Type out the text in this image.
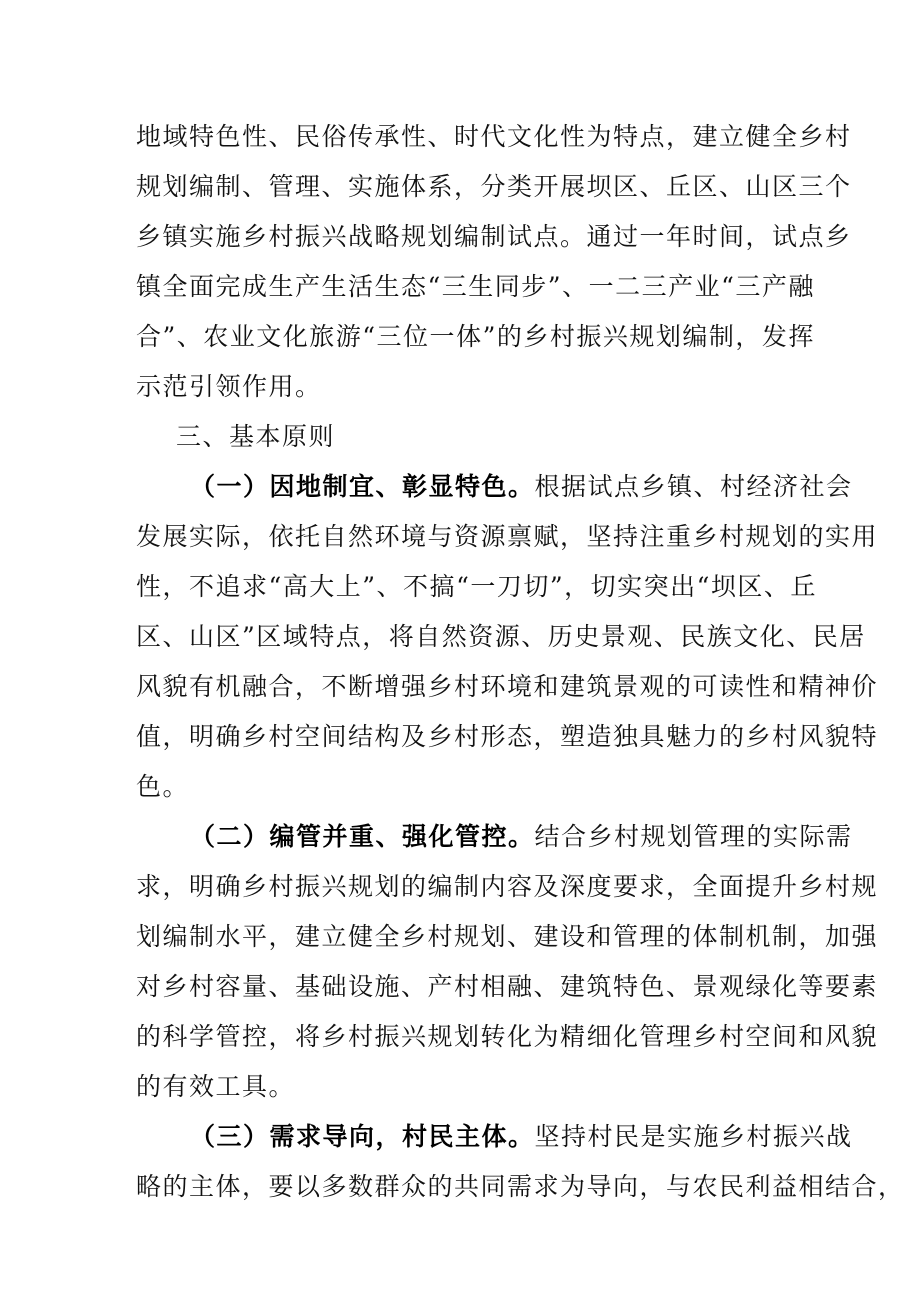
地域特色性、民俗传承性、时代文化性为特点，建立健全乡村
规划编制、管理、实施体系，分类开展坝区、丘区、山区三个
乡镇实施乡村振兴战略规划编制试点。通过一年时间，试点乡
镇全面完成生产生活生态“三生同步”、一二三产业“三产融
合”、农业文化旅游“三位一体”的乡村振兴规划编制，发挥
示范引领作用。
三、基本原则
（一）因地制宜、彰显特色。根据试点乡镇、村经济社会
发展实际，依托自然环境与资源禀赋，坚持注重乡村规划的实用
性，不追求“高大上”、不搞“一刀切”，切实突出“坝区、丘
区、山区”区域特点，将自然资源、历史景观、民族文化、民居
风貌有机融合，不断增强乡村环境和建筑景观的可读性和精神价
值，明确乡村空间结构及乡村形态，塑造独具魅力的乡村风貌特
色。
（二）编管并重、强化管控。结合乡村规划管理的实际需
求，明确乡村振兴规划的编制内容及深度要求，全面提升乡村规
划编制水平，建立健全乡村规划、建设和管理的体制机制，加强
对乡村容量、基础设施、产村相融、建筑特色、景观绿化等要素
的科学管控，将乡村振兴规划转化为精细化管理乡村空间和风貌
的有效工具。
（三）需求导向，村民主体。坚持村民是实施乡村振兴战
略的主体，要以多数群众的共同需求为导向，与农民利益相结合，
